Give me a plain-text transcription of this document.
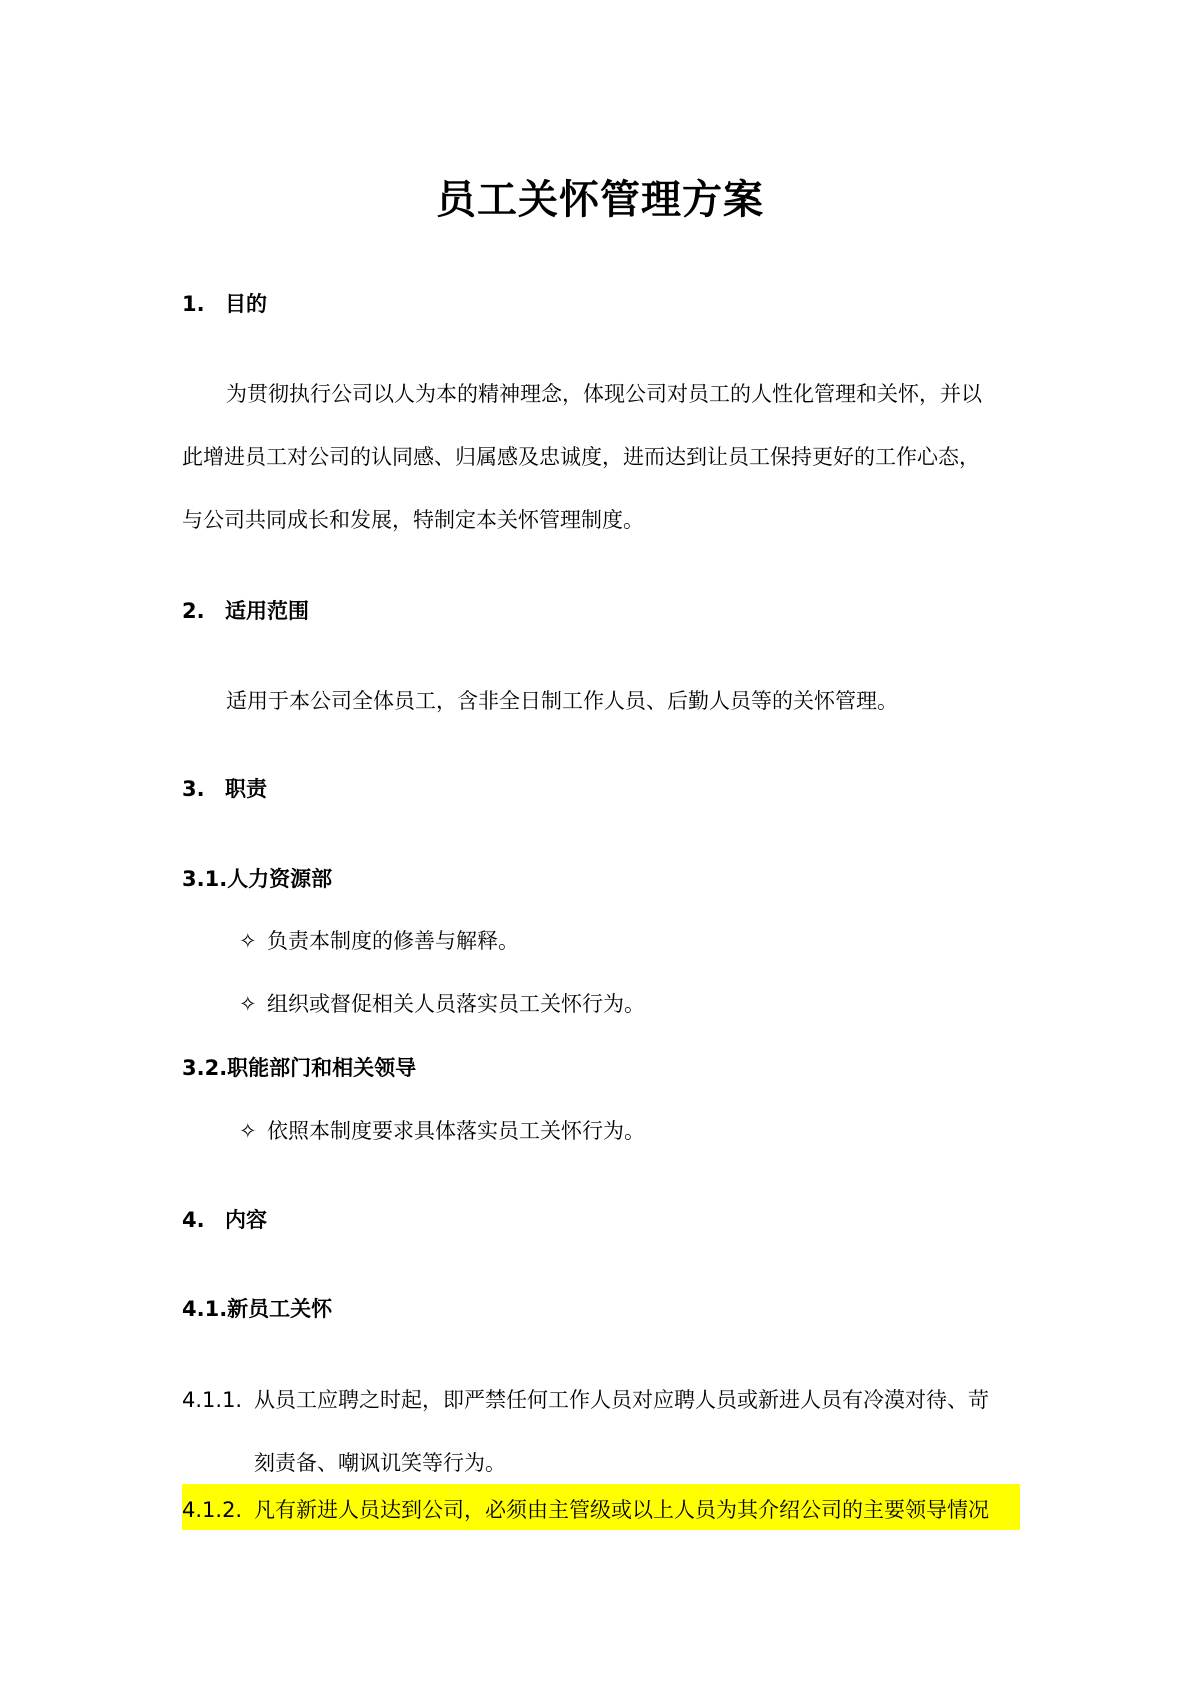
员工关怀管理方案
1. 目的
为贯彻执行公司以人为本的精神理念，体现公司对员工的人性化管理和关怀，并以
此增进员工对公司的认同感、归属感及忠诚度，进而达到让员工保持更好的工作心态，
与公司共同成长和发展，特制定本关怀管理制度。
2. 适用范围
适用于本公司全体员工，含非全日制工作人员、后勤人员等的关怀管理。
3. 职责
3.1.人力资源部
✧ 负责本制度的修善与解释。
✧ 组织或督促相关人员落实员工关怀行为。
3.2.职能部门和相关领导
✧ 依照本制度要求具体落实员工关怀行为。
4. 内容
4.1.新员工关怀
4.1.1. 从员工应聘之时起，即严禁任何工作人员对应聘人员或新进人员有冷漠对待、苛
刻责备、嘲讽讥笑等行为。
4.1.2. 凡有新进人员达到公司，必须由主管级或以上人员为其介绍公司的主要领导情况
